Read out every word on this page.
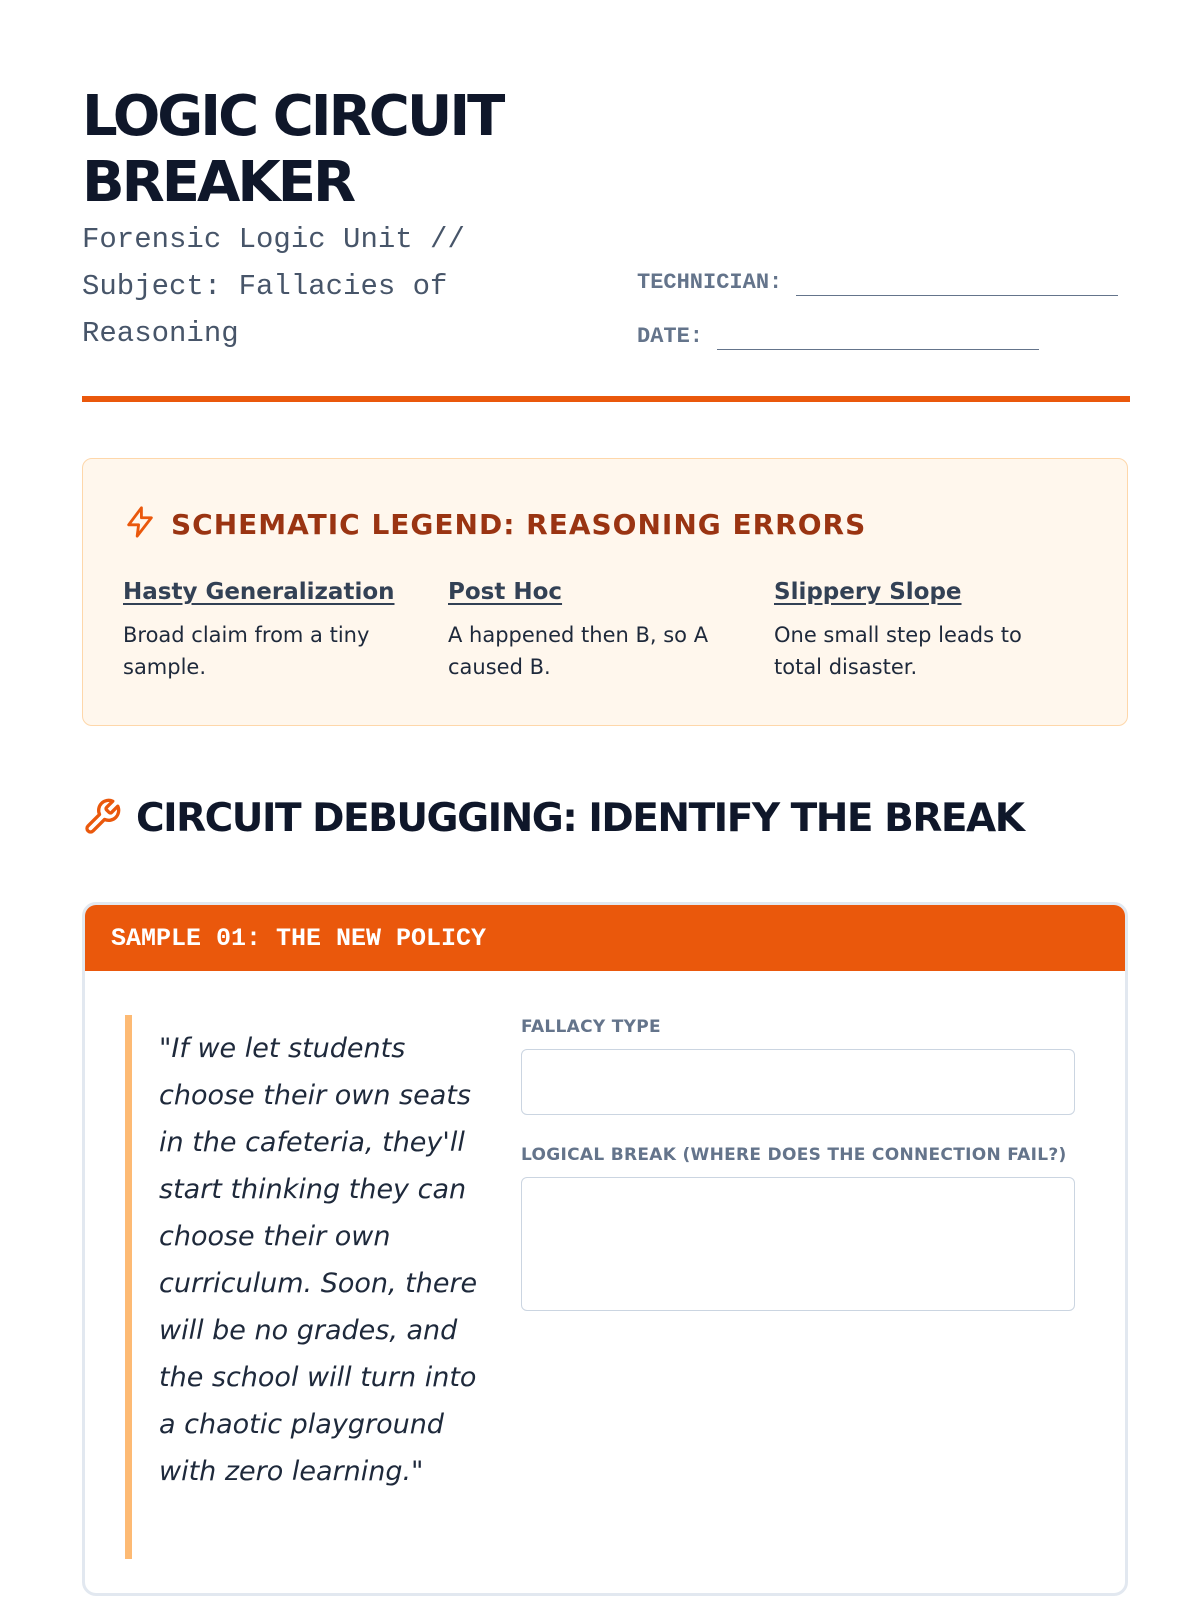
LOGIC CIRCUIT BREAKER
Forensic Logic Unit // Subject: Fallacies of Reasoning
TECHNICIAN:
DATE:
SCHEMATIC LEGEND: REASONING ERRORS
Hasty Generalization
Broad claim from a tiny sample.
Post Hoc
A happened then B, so A caused B.
Slippery Slope
One small step leads to total disaster.
CIRCUIT DEBUGGING: IDENTIFY THE BREAK
SAMPLE 01: THE NEW POLICY

"If we let students choose their own seats in the cafeteria, they'll start thinking they can choose their own curriculum. Soon, there will be no grades, and the school will turn into a chaotic playground with zero learning."

FALLACY TYPE
LOGICAL BREAK (WHERE DOES THE CONNECTION FAIL?)
